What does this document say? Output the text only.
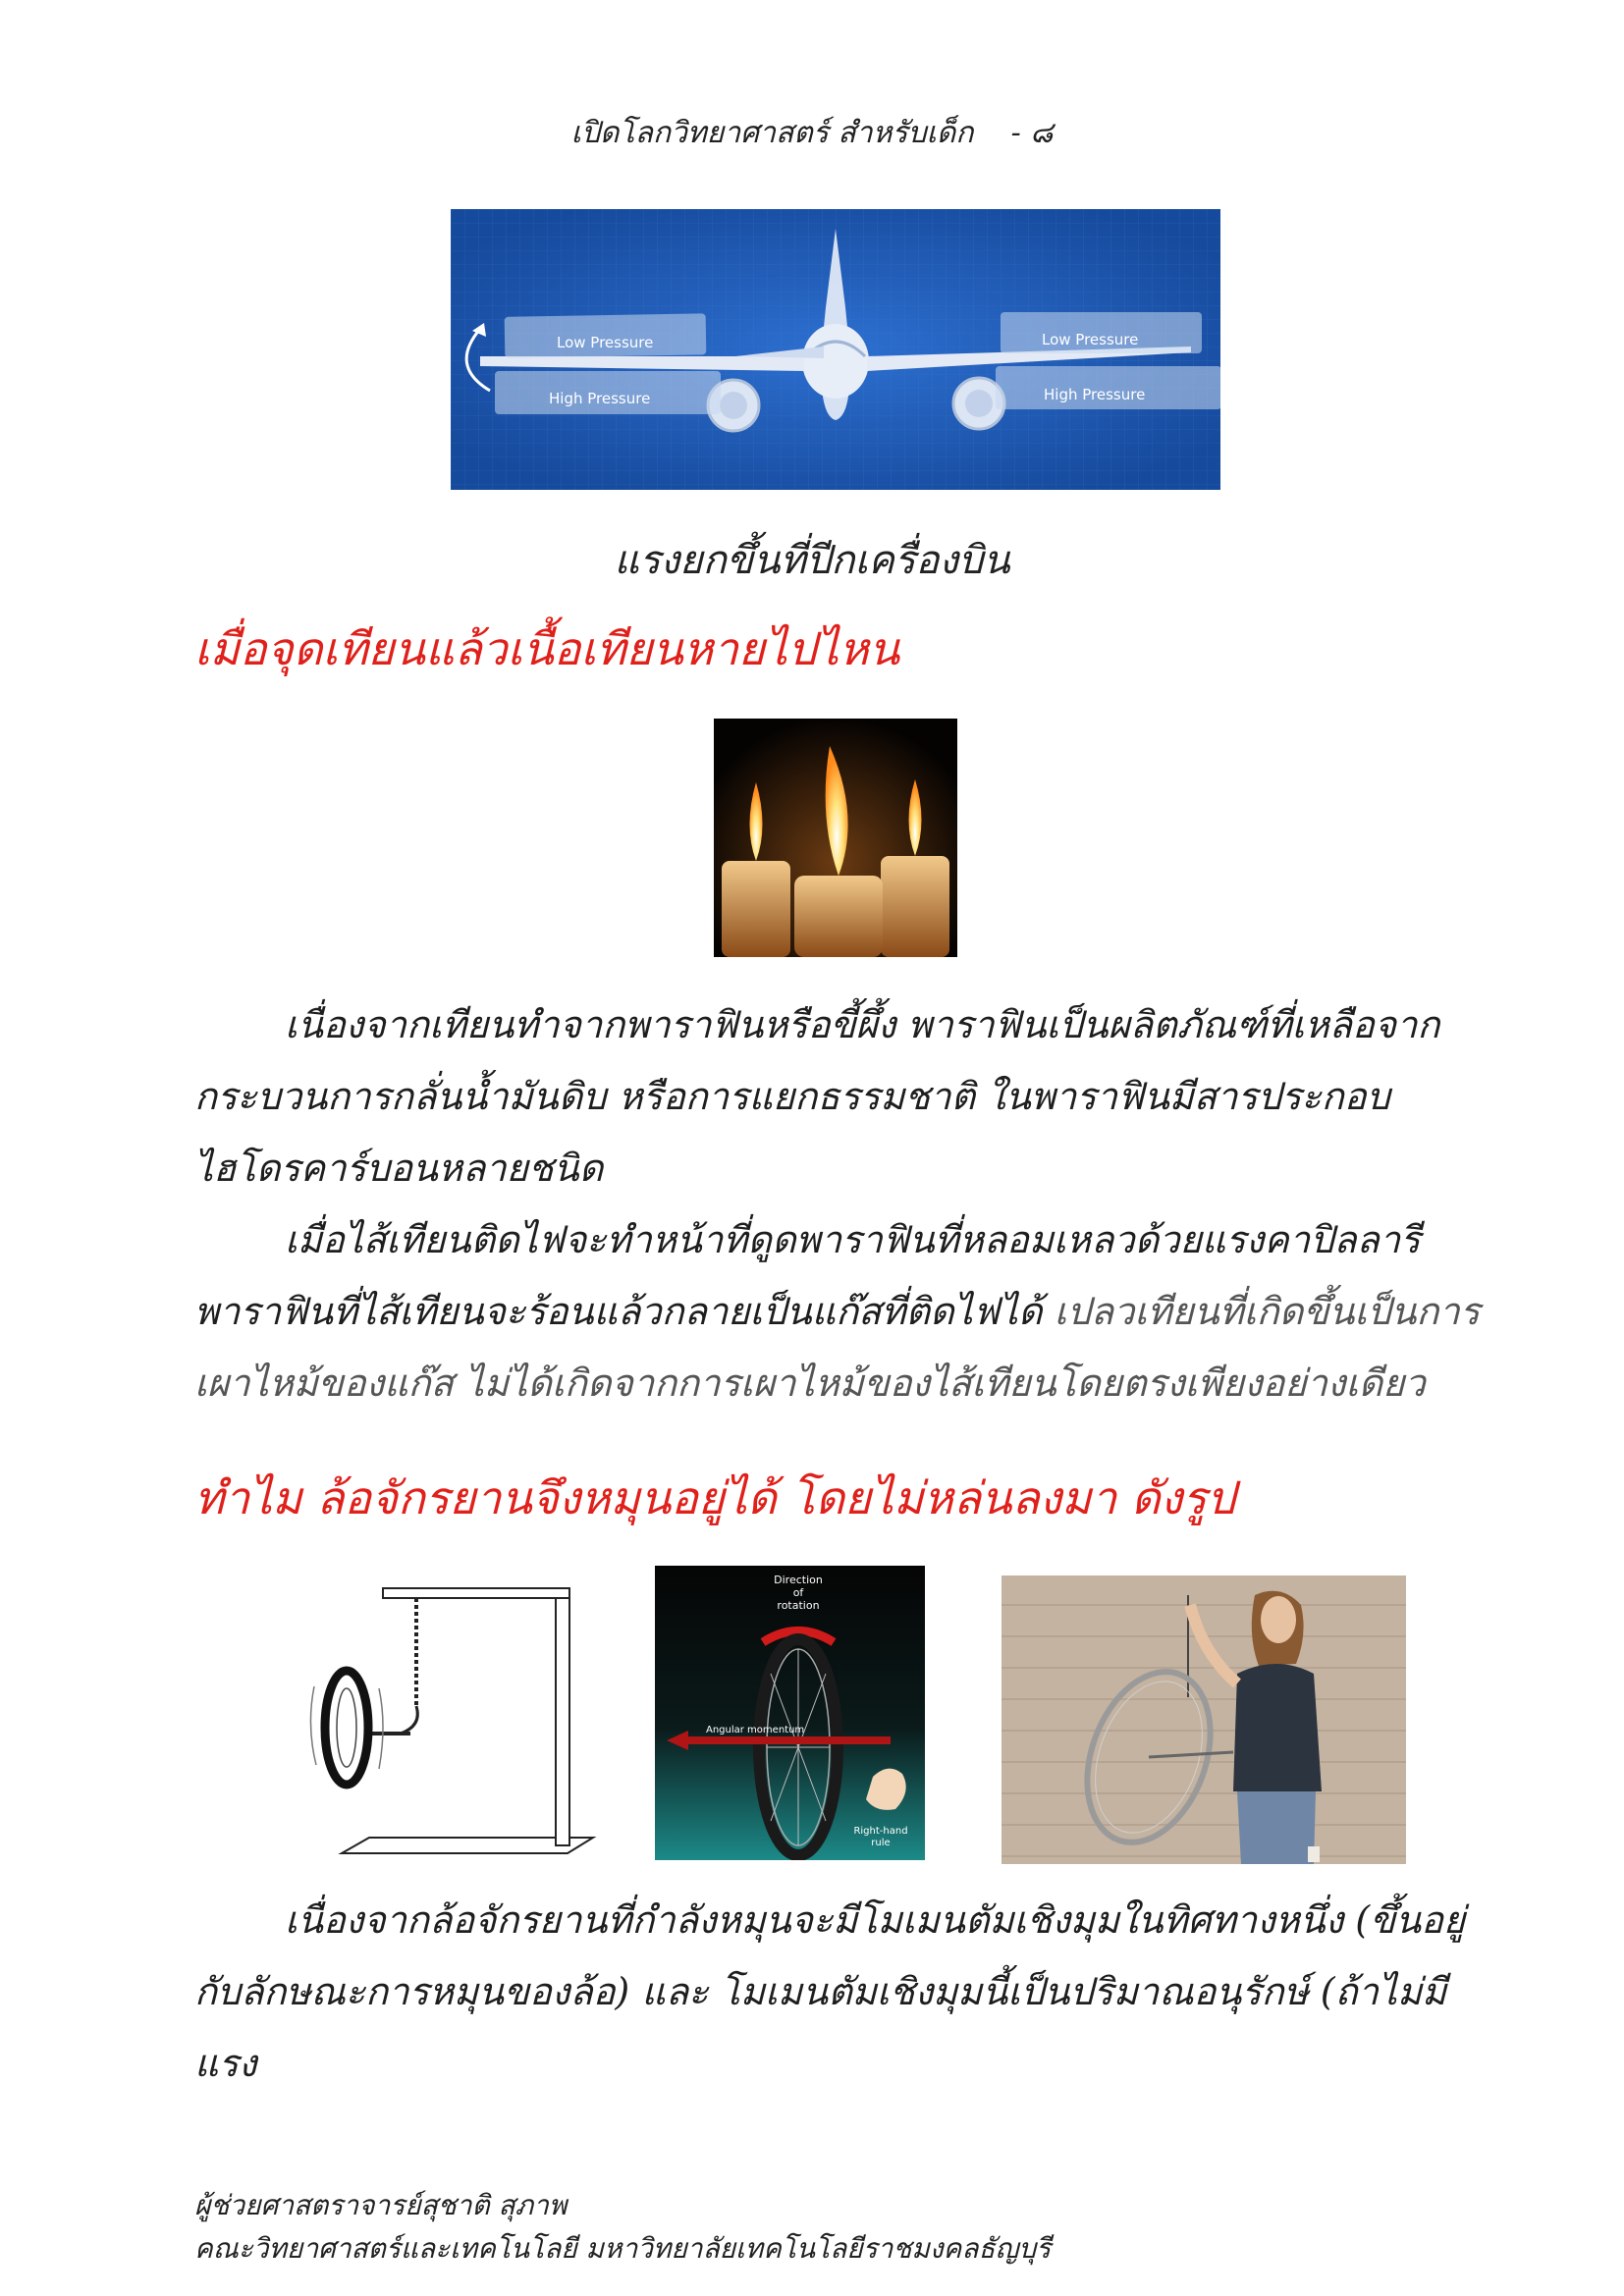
เปิดโลกวิทยาศาสตร์ สำหรับเด็ก - ๘
Low Pressure
High Pressure
Low Pressure
High Pressure
แรงยกขึ้นที่ปีกเครื่องบิน
เมื่อจุดเทียนแล้วเนื้อเทียนหายไปไหน

เนื่องจากเทียนทำจากพาราฟินหรือขี้ผึ้ง พาราฟินเป็นผลิตภัณฑ์ที่เหลือจาก

กระบวนการกลั่นน้ำมันดิบ หรือการแยกธรรมชาติ ในพาราฟินมีสารประกอบ

ไฮโดรคาร์บอนหลายชนิด

เมื่อไส้เทียนติดไฟจะทำหน้าที่ดูดพาราฟินที่หลอมเหลวด้วยแรงคาปิลลารี

พาราฟินที่ไส้เทียนจะร้อนแล้วกลายเป็นแก๊สที่ติดไฟได้ เปลวเทียนที่เกิดขึ้นเป็นการ

เผาไหม้ของแก๊ส ไม่ได้เกิดจากการเผาไหม้ของไส้เทียนโดยตรงเพียงอย่างเดียว

ทำไม ล้อจักรยานจึงหมุนอยู่ได้ โดยไม่หล่นลงมา ดังรูป
Direction
of
rotation
Angular momentum
Right-hand
rule

เนื่องจากล้อจักรยานที่กำลังหมุนจะมีโมเมนตัมเชิงมุมในทิศทางหนึ่ง (ขึ้นอยู่

กับลักษณะการหมุนของล้อ) และ โมเมนตัมเชิงมุมนี้เป็นปริมาณอนุรักษ์ (ถ้าไม่มีแรง

ผู้ช่วยศาสตราจารย์สุชาติ สุภาพ  คณะวิทยาศาสตร์และเทคโนโลยี มหาวิทยาลัยเทคโนโลยีราชมงคลธัญบุรี
